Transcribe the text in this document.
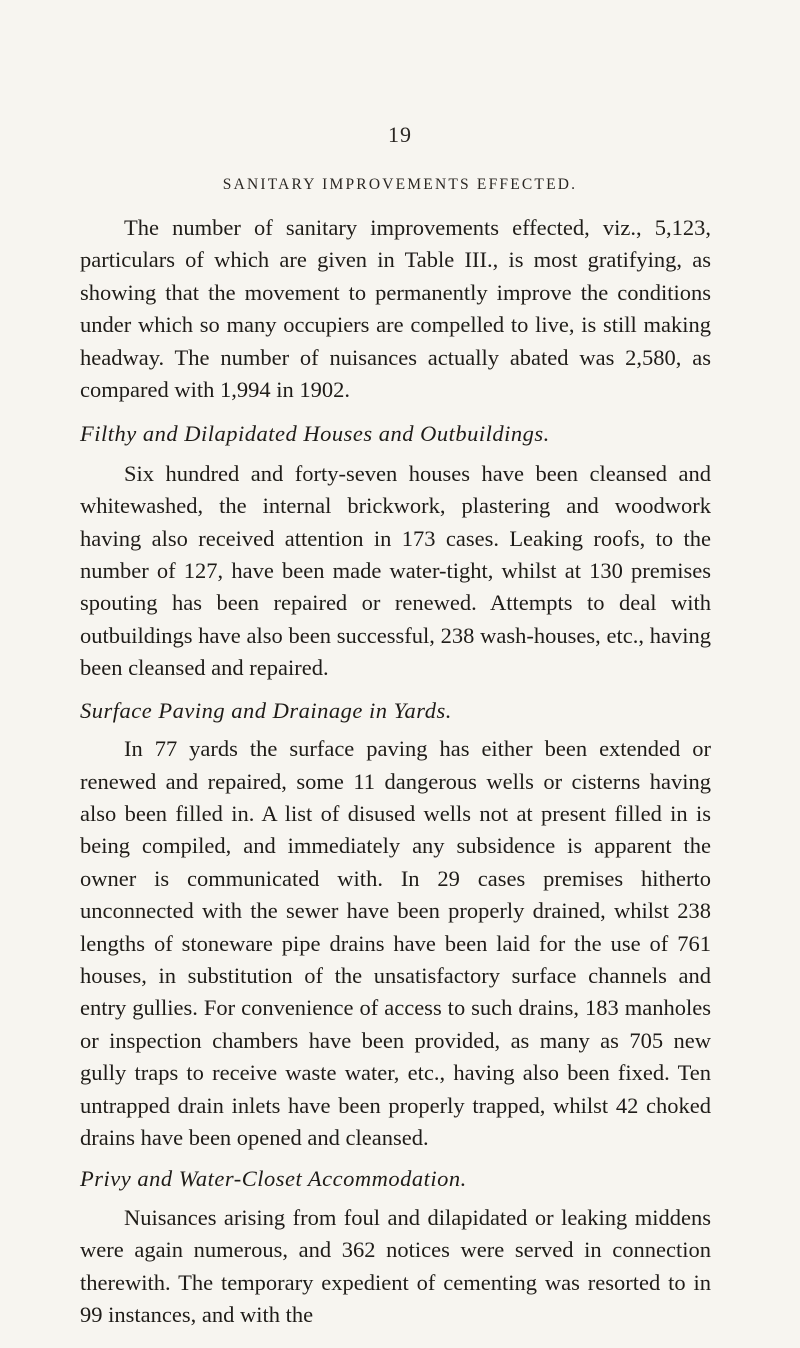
19
SANITARY IMPROVEMENTS EFFECTED.

The number of sanitary improvements effected, viz., 5,123, particulars of which are given in Table III., is most gratifying, as showing that the movement to permanently improve the conditions under which so many occupiers are compelled to live, is still making headway. The number of nuisances actually abated was 2,580, as compared with 1,994 in 1902.

Filthy and Dilapidated Houses and Outbuildings.

Six hundred and forty-seven houses have been cleansed and whitewashed, the internal brickwork, plastering and woodwork having also received attention in 173 cases. Leaking roofs, to the number of 127, have been made water-tight, whilst at 130 premises spouting has been repaired or renewed. Attempts to deal with outbuildings have also been successful, 238 wash-houses, etc., having been cleansed and repaired.

Surface Paving and Drainage in Yards.

In 77 yards the surface paving has either been extended or renewed and repaired, some 11 dangerous wells or cisterns having also been filled in. A list of disused wells not at present filled in is being compiled, and immediately any subsidence is apparent the owner is communicated with. In 29 cases premises hitherto unconnected with the sewer have been properly drained, whilst 238 lengths of stoneware pipe drains have been laid for the use of 761 houses, in substitution of the unsatisfactory surface channels and entry gullies. For convenience of access to such drains, 183 manholes or inspection chambers have been provided, as many as 705 new gully traps to receive waste water, etc., having also been fixed. Ten untrapped drain inlets have been properly trapped, whilst 42 choked drains have been opened and cleansed.

Privy and Water-Closet Accommodation.

Nuisances arising from foul and dilapidated or leaking middens were again numerous, and 362 notices were served in connection therewith. The temporary expedient of cementing was resorted to in 99 instances, and with the
